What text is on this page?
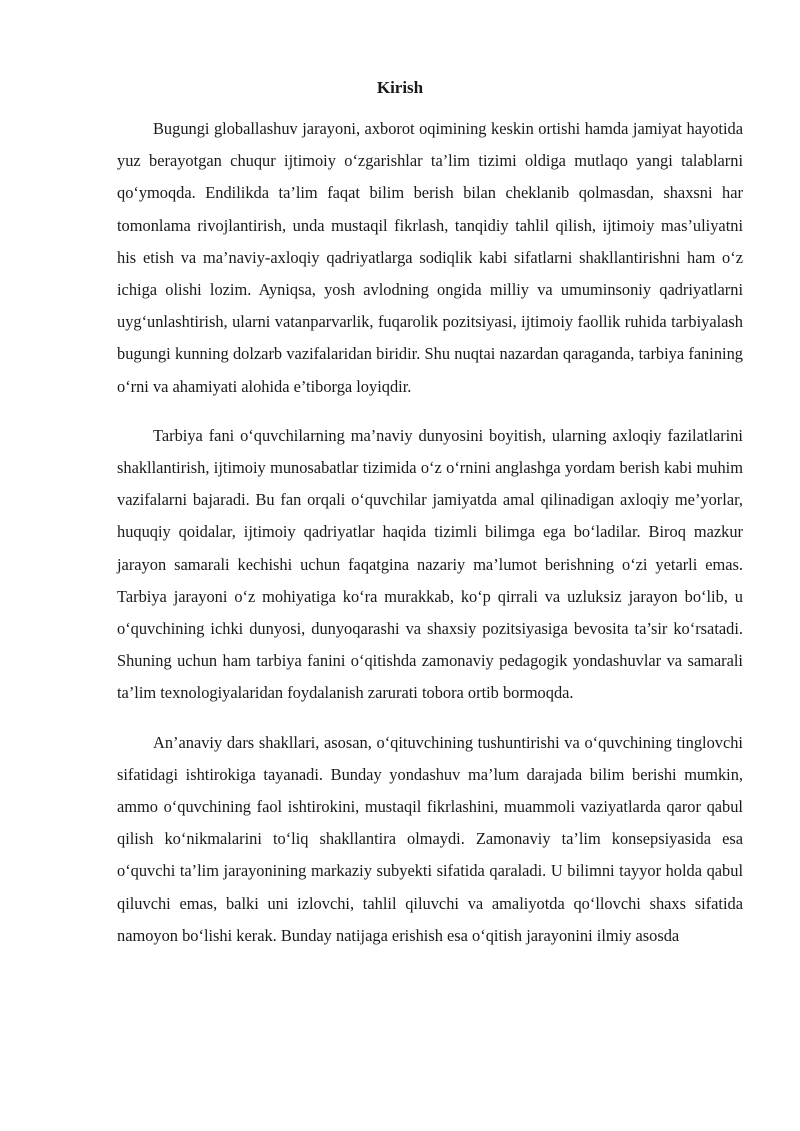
Kirish

Bugungi globallashuv jarayoni, axborot oqimining keskin ortishi hamda jamiyat hayotida yuz berayotgan chuqur ijtimoiy o‘zgarishlar ta’lim tizimi oldiga mutlaqo yangi talablarni qo‘ymoqda. Endilikda ta’lim faqat bilim berish bilan cheklanib qolmasdan, shaxsni har tomonlama rivojlantirish, unda mustaqil fikrlash, tanqidiy tahlil qilish, ijtimoiy mas’uliyatni his etish va ma’naviy-axloqiy qadriyatlarga sodiqlik kabi sifatlarni shakllantirishni ham o‘z ichiga olishi lozim. Ayniqsa, yosh avlodning ongida milliy va umuminsoniy qadriyatlarni uyg‘unlashtirish, ularni vatanparvarlik, fuqarolik pozitsiyasi, ijtimoiy faollik ruhida tarbiyalash bugungi kunning dolzarb vazifalaridan biridir. Shu nuqtai nazardan qaraganda, tarbiya fanining o‘rni va ahamiyati alohida e’tiborga loyiqdir.

Tarbiya fani o‘quvchilarning ma’naviy dunyosini boyitish, ularning axloqiy fazilatlarini shakllantirish, ijtimoiy munosabatlar tizimida o‘z o‘rnini anglashga yordam berish kabi muhim vazifalarni bajaradi. Bu fan orqali o‘quvchilar jamiyatda amal qilinadigan axloqiy me’yorlar, huquqiy qoidalar, ijtimoiy qadriyatlar haqida tizimli bilimga ega bo‘ladilar. Biroq mazkur jarayon samarali kechishi uchun faqatgina nazariy ma’lumot berishning o‘zi yetarli emas. Tarbiya jarayoni o‘z mohiyatiga ko‘ra murakkab, ko‘p qirrali va uzluksiz jarayon bo‘lib, u o‘quvchining ichki dunyosi, dunyoqarashi va shaxsiy pozitsiyasiga bevosita ta’sir ko‘rsatadi. Shuning uchun ham tarbiya fanini o‘qitishda zamonaviy pedagogik yondashuvlar va samarali ta’lim texnologiyalaridan foydalanish zarurati tobora ortib bormoqda.

An’anaviy dars shakllari, asosan, o‘qituvchining tushuntirishi va o‘quvchining tinglovchi sifatidagi ishtirokiga tayanadi. Bunday yondashuv ma’lum darajada bilim berishi mumkin, ammo o‘quvchining faol ishtirokini, mustaqil fikrlashini, muammoli vaziyatlarda qaror qabul qilish ko‘nikmalarini to‘liq shakllantira olmaydi. Zamonaviy ta’lim konsepsiyasida esa o‘quvchi ta’lim jarayonining markaziy subyekti sifatida qaraladi. U bilimni tayyor holda qabul qiluvchi emas, balki uni izlovchi, tahlil qiluvchi va amaliyotda qo‘llovchi shaxs sifatida namoyon bo‘lishi kerak. Bunday natijaga erishish esa o‘qitish jarayonini ilmiy asosda
